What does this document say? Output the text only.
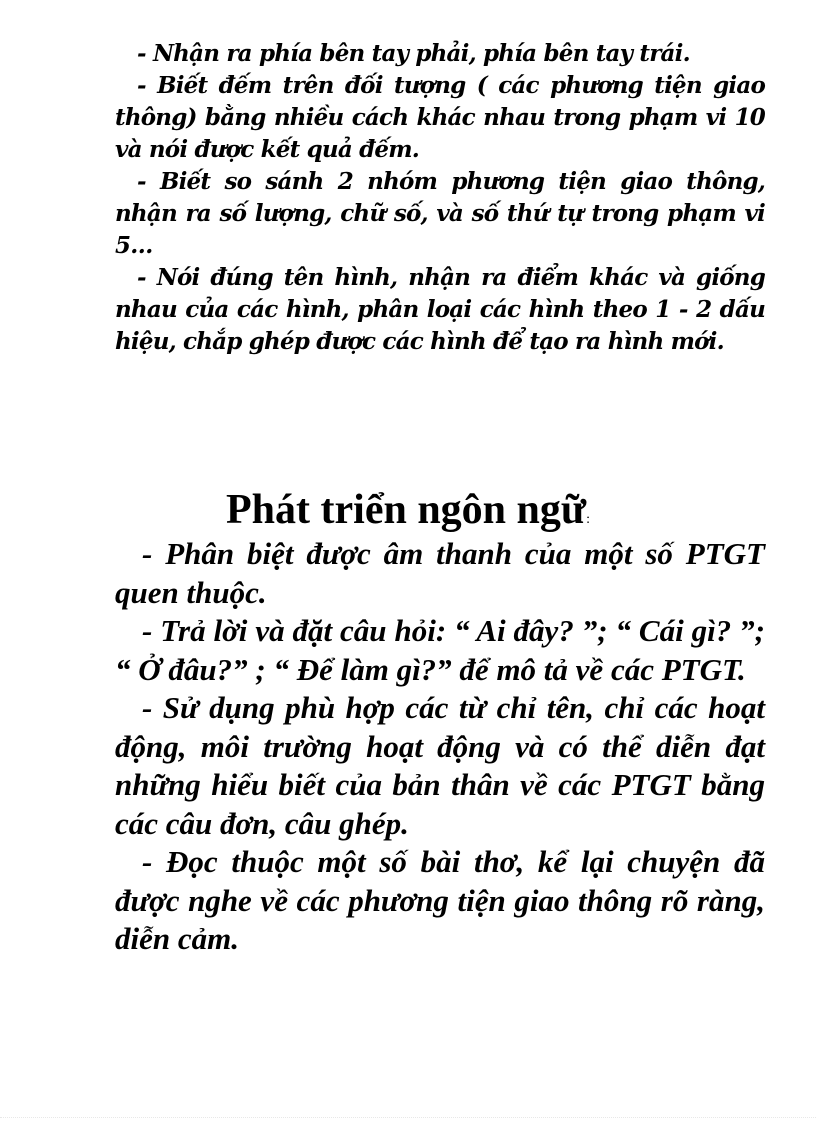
- Nhận ra phía bên tay phải, phía bên tay trái.

- Biết đếm trên đối tượng ( các phương tiện giao thông) bằng nhiều cách khác nhau trong phạm vi 10 và nói được kết quả đếm.

- Biết so sánh 2 nhóm phương tiện giao thông, nhận ra số lượng, chữ số, và số thứ tự trong phạm vi 5…

- Nói đúng tên hình, nhận ra điểm khác và giống nhau của các hình, phân loại các hình theo 1 - 2 dấu hiệu, chắp ghép được các hình để tạo ra hình mới.

Phát triển ngôn ngữ:

- Phân biệt được âm thanh của một số PTGT quen thuộc.

- Trả lời và đặt câu hỏi: “ Ai đây? ”; “ Cái gì? ”; “ Ở đâu?” ; “ Để làm gì?” để mô tả về các PTGT.

- Sử dụng phù hợp các từ chỉ tên, chỉ các hoạt động, môi trường hoạt động và có thể diễn đạt những hiểu biết của bản thân về các PTGT bằng các câu đơn, câu ghép.

- Đọc thuộc một số bài thơ, kể lại chuyện đã được nghe về các phương tiện giao thông rõ ràng, diễn cảm.
